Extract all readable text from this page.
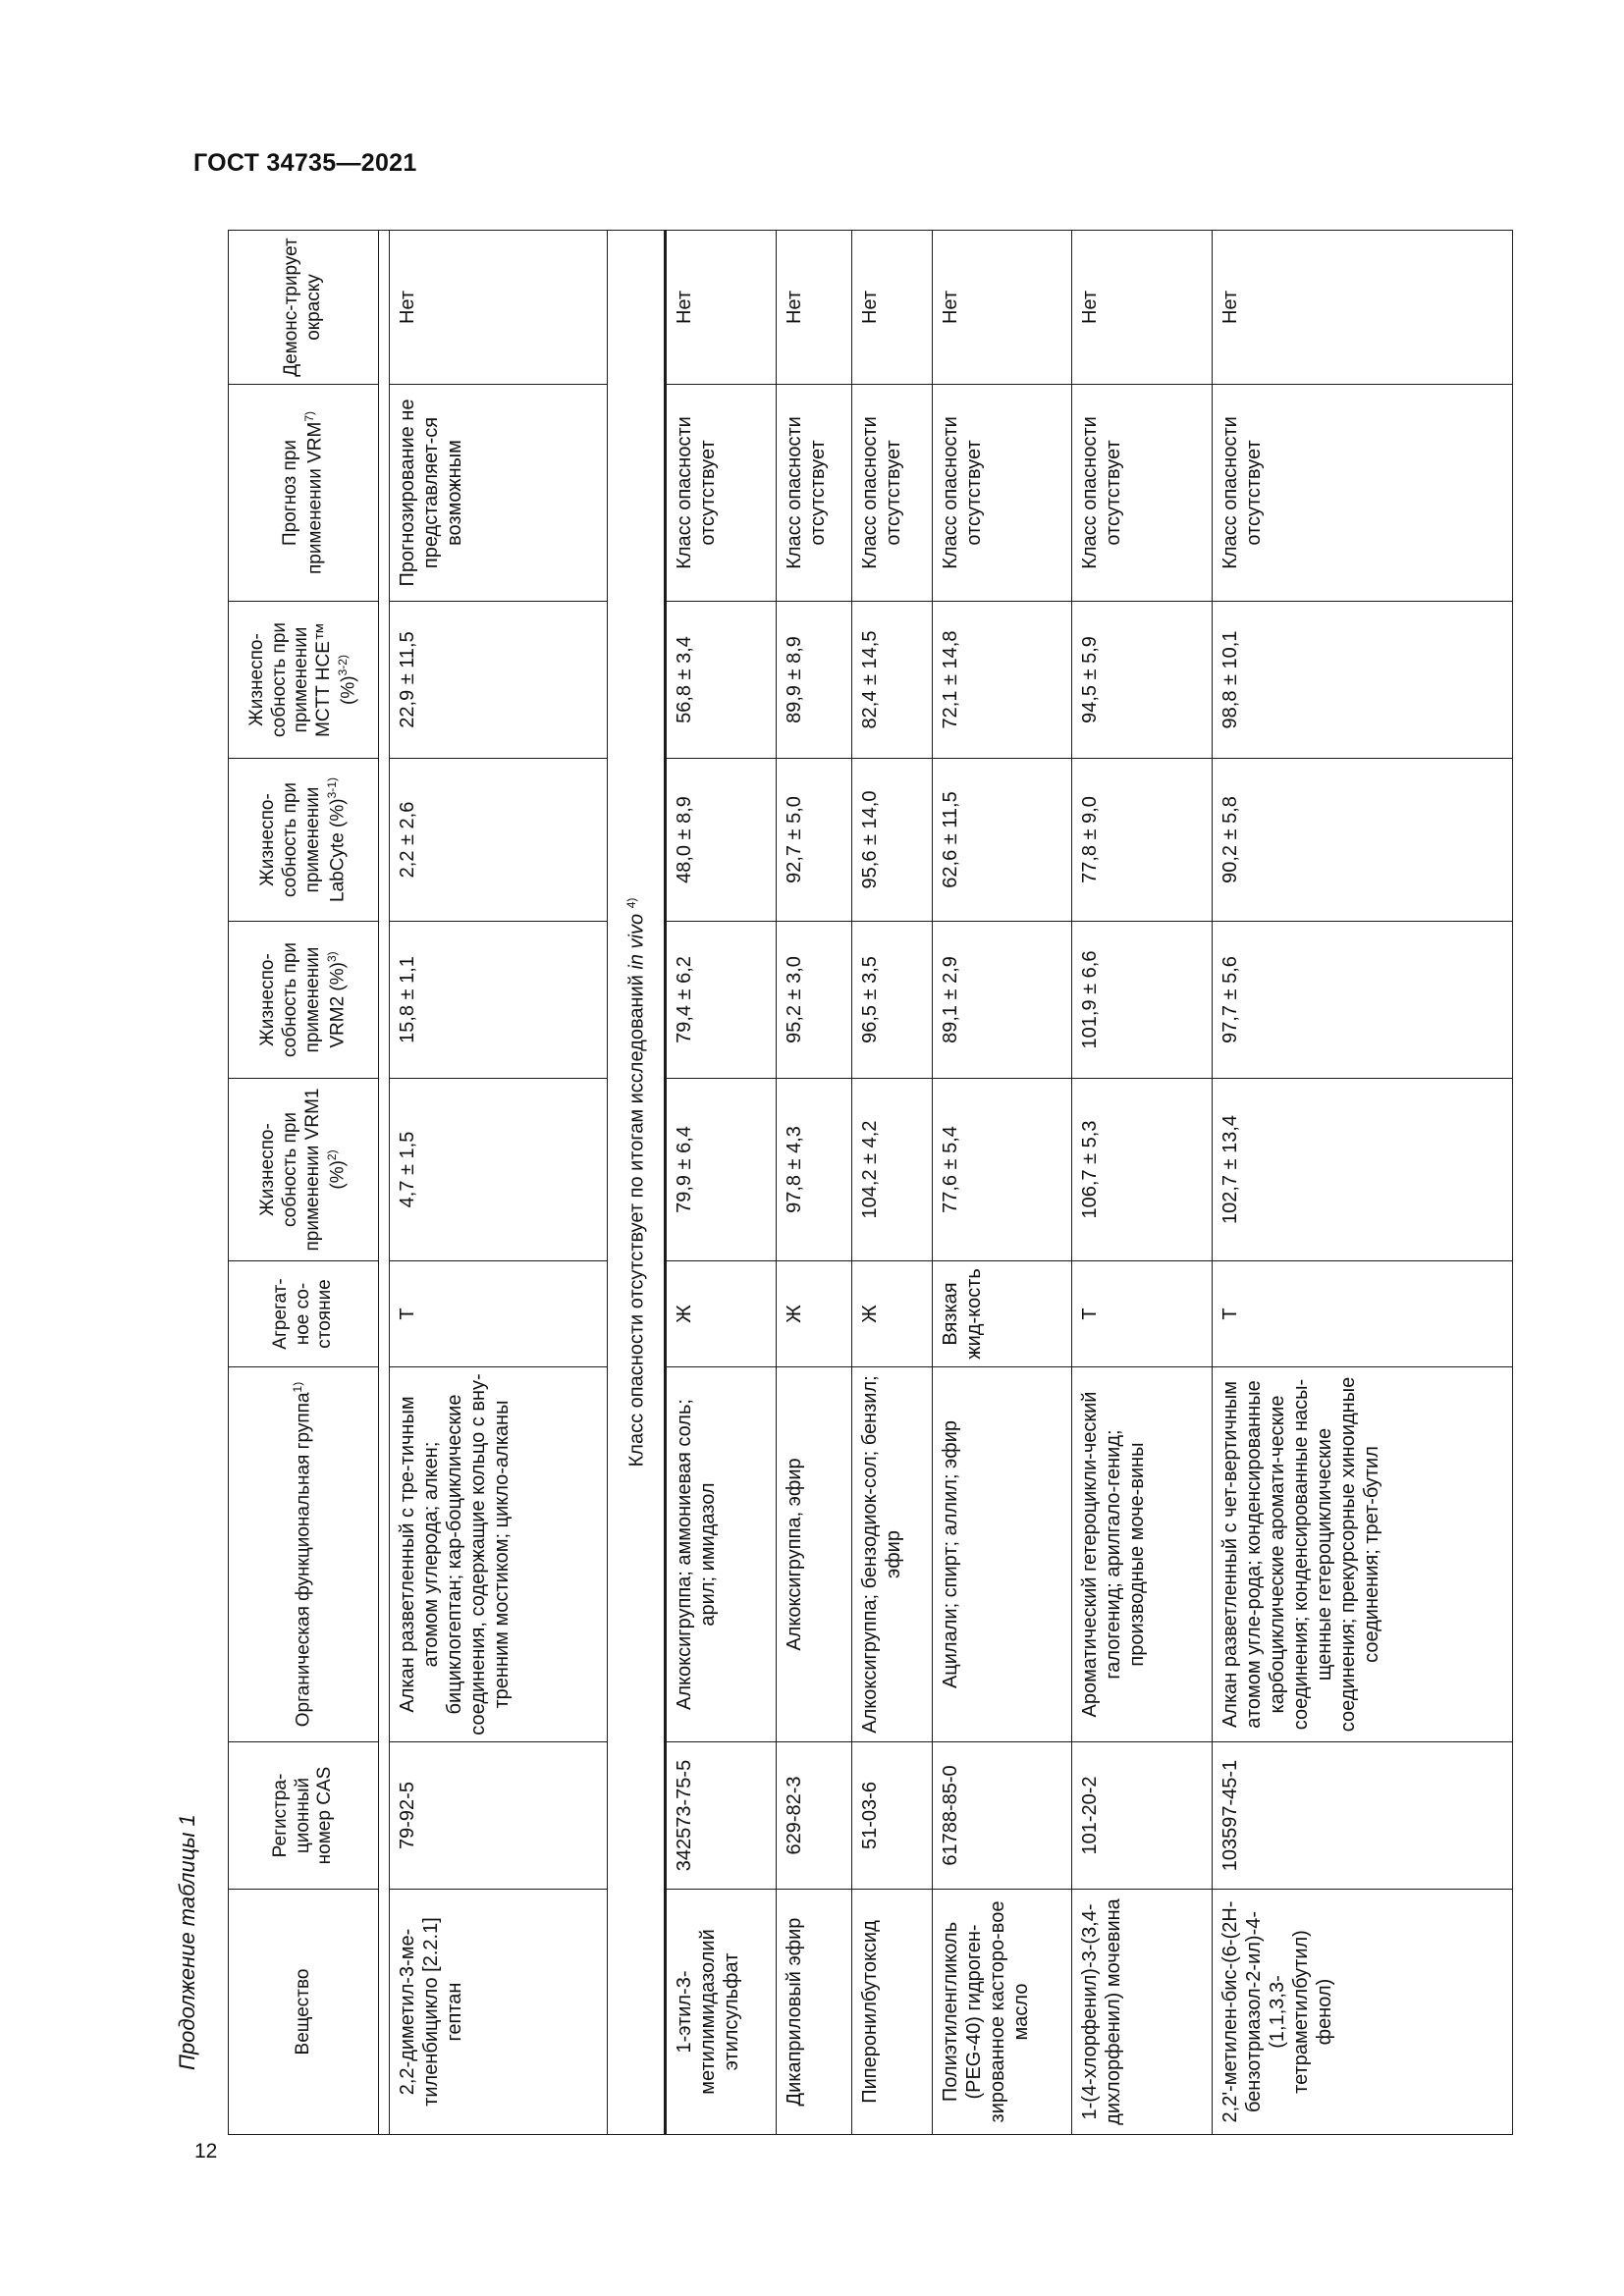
ГОСТ 34735—2021
12
Продолжение таблицы 1	Вещество	Регистра-ционный номер CAS	Органическая функциональная группа$^{1)}$	Агрегат-ное со-стояние	Жизнеспо-собность при применении VRM1 (%)$^{2)}$	Жизнеспо-собность при применении VRM2 (%)$^{3)}$	Жизнеспо-собность при применении LabCyte (%)$^{3-1)}$	Жизнеспо-собность при применении MCTT HCE™ (%)$^{3-2)}$	Прогноз при применении VRM$^{7)}$	Демонс-трирует окраску

2,2-диметил-3-ме-тиленбицикло [2.2.1] гептан	79-92-5	Алкан разветленный с тре-тичным атомом углерода; алкен; бициклогептан; кар-боциклические соединения, содержащие кольцо с вну-тренним мостиком; цикло-алканы	Т	4,7 ± 1,5	15,8 ± 1,1	2,2 ± 2,6	22,9 ± 11,5	Прогнозирование не представляет-ся возможным	Нет
Класс опасности отсутствует по итогам исследований in vivo $^{4)}$
1-этил-3-метилимидазолий этилсульфат	342573-75-5	Алкоксигруппа; аммониевая соль; арил; имидазол	Ж	79,9 ± 6,4	79,4 ± 6,2	48,0 ± 8,9	56,8 ± 3,4	Класс опасности отсутствует	Нет
Дикаприловый эфир	629-82-3	Алкоксигруппа, эфир	Ж	97,8 ± 4,3	95,2 ± 3,0	92,7 ± 5,0	89,9 ± 8,9	Класс опасности отсутствует	Нет
Пиперонилбутоксид	51-03-6	Алкоксигруппа; бензодиок-сол; бензил; эфир	Ж	104,2 ± 4,2	96,5 ± 3,5	95,6 ± 14,0	82,4 ± 14,5	Класс опасности отсутствует	Нет
Полиэтиленгликоль (PEG-40) гидроген-зированное касторо-вое масло	61788-85-0	Ацилали; спирт; аллил; эфир	Вязкая жид-кость	77,6 ± 5,4	89,1 ± 2,9	62,6 ± 11,5	72,1 ± 14,8	Класс опасности отсутствует	Нет
1-(4-хлорфенил)-3-(3,4-дихлорфенил) мочевина	101-20-2	Ароматический гетероцикли-ческий галогенид; арилгало-генид; производные моче-вины	Т	106,7 ± 5,3	101,9 ± 6,6	77,8 ± 9,0	94,5 ± 5,9	Класс опасности отсутствует	Нет
2,2'-метилен-бис-(6-(2Н-бензотриазол-2-ил)-4-(1,1,3,3-тетраметилбутил) фенол)	103597-45-1	Алкан разветленный с чет-вертичным атомом угле-рода; конденсированные карбоциклические аромати-ческие соединения; конденсированные насы-щенные гетероциклические соединения; прекурсорные хиноидные соединения; трет-бутил	Т	102,7 ± 13,4	97,7 ± 5,6	90,2 ± 5,8	98,8 ± 10,1	Класс опасности отсутствует	Нет
